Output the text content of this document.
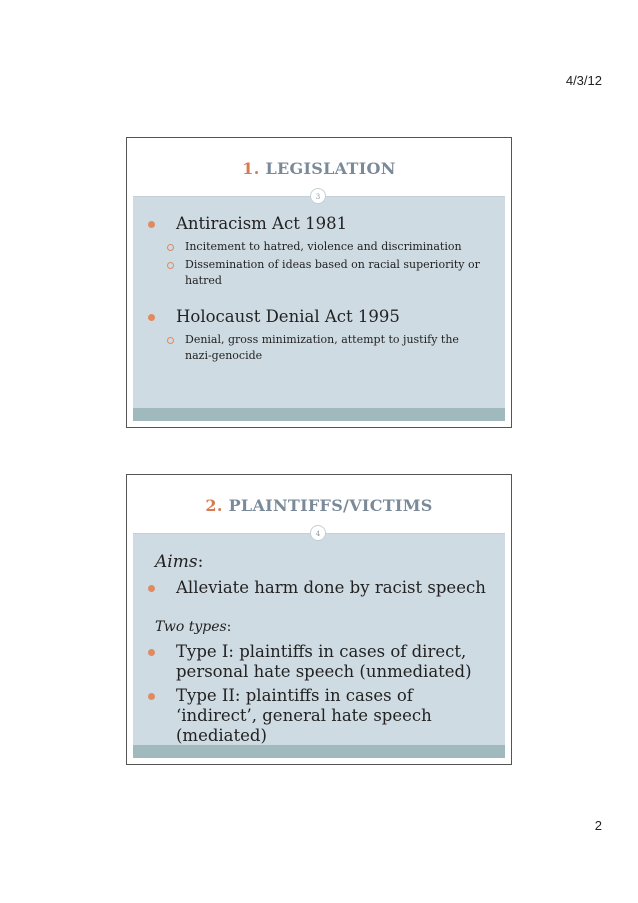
4/3/12
1. LEGISLATION
3
Antiracism Act 1981
Incitement to hatred, violence and discrimination
Dissemination of ideas based on racial superiority or hatred
Holocaust Denial Act 1995
Denial, gross minimization, attempt to justify the nazi-genocide
2. PLAINTIFFS/VICTIMS
4
Aims:
Alleviate harm done by racist speech
Two types:
Type I: plaintiffs in cases of direct, personal hate speech (unmediated)
Type II: plaintiffs in cases of ‘indirect’, general hate speech (mediated)
2
